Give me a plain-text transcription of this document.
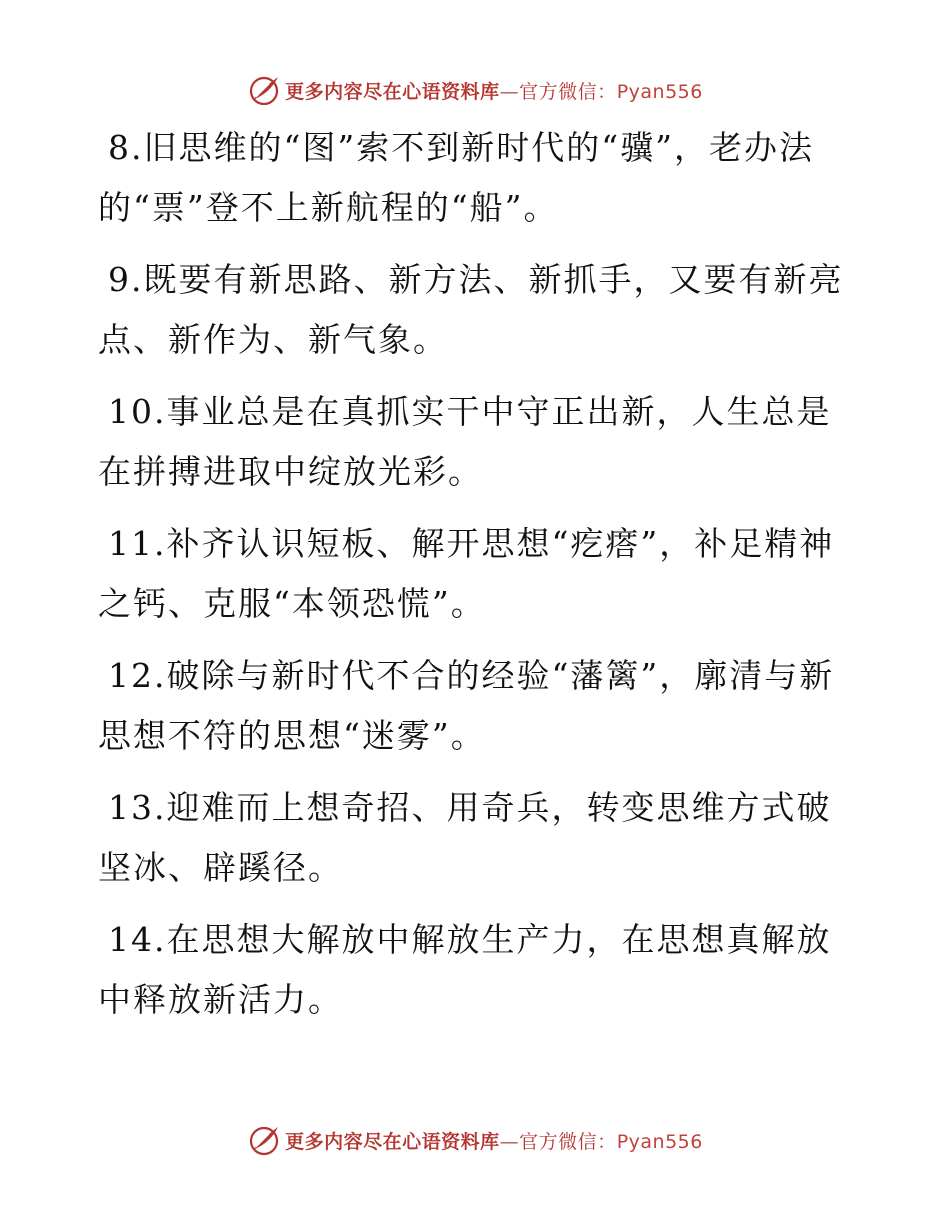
更多内容尽在心语资料库—官方微信：Pyan556

8.旧思维的“图”索不到新时代的“骥”，老办法的“票”登不上新航程的“船”。

9.既要有新思路、新方法、新抓手，又要有新亮点、新作为、新气象。

10.事业总是在真抓实干中守正出新，人生总是在拼搏进取中绽放光彩。

11.补齐认识短板、解开思想“疙瘩”，补足精神之钙、克服“本领恐慌”。

12.破除与新时代不合的经验“藩篱”，廓清与新思想不符的思想“迷雾”。

13.迎难而上想奇招、用奇兵，转变思维方式破坚冰、辟蹊径。

14.在思想大解放中解放生产力，在思想真解放中释放新活力。

更多内容尽在心语资料库—官方微信：Pyan556
